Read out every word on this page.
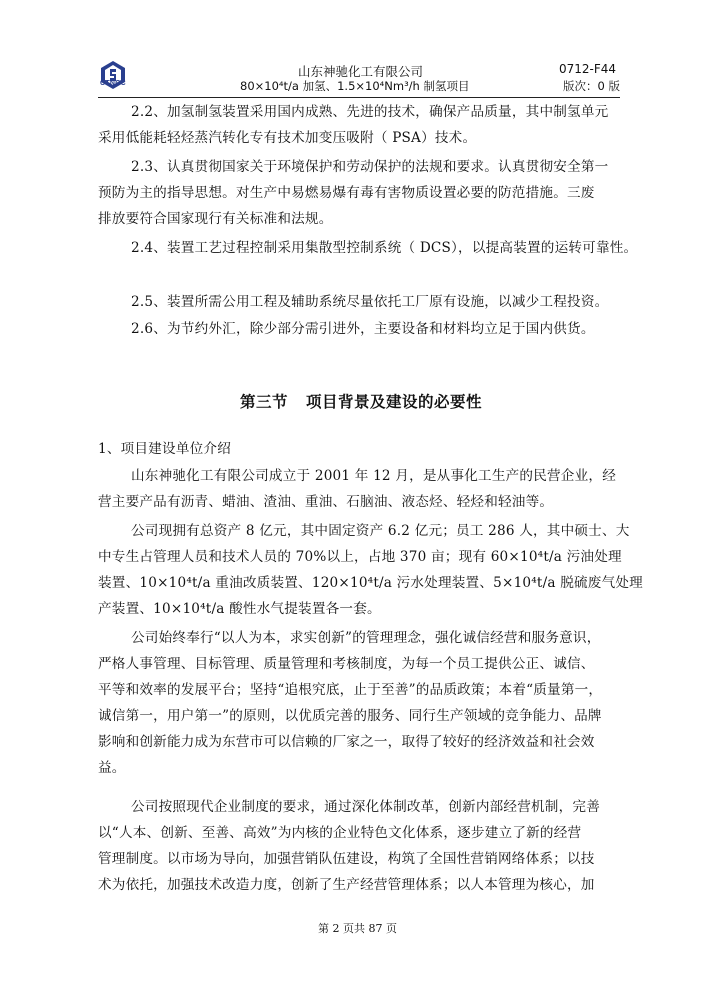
CTNCC
山东神驰化工有限公司
80×10⁴t/a 加氢、1.5×10⁴Nm³/h 制氢项目
0712-F44
版次：0 版
2.2、加氢制氢装置采用国内成熟、先进的技术，确保产品质量，其中制氢单元
采用低能耗轻烃蒸汽转化专有技术加变压吸附（ PSA）技术。
2.3、认真贯彻国家关于环境保护和劳动保护的法规和要求。认真贯彻安全第一
预防为主的指导思想。对生产中易燃易爆有毒有害物质设置必要的防范措施。三废
排放要符合国家现行有关标准和法规。
2.4、装置工艺过程控制采用集散型控制系统（ DCS），以提高装置的运转可靠性。
2.5、装置所需公用工程及辅助系统尽量依托工厂原有设施，以减少工程投资。
2.6、为节约外汇，除少部分需引进外，主要设备和材料均立足于国内供货。
第三节 项目背景及建设的必要性
1、项目建设单位介绍
山东神驰化工有限公司成立于 2001 年 12 月，是从事化工生产的民营企业，经
营主要产品有沥青、蜡油、渣油、重油、石脑油、液态烃、轻烃和轻油等。
公司现拥有总资产 8 亿元，其中固定资产 6.2 亿元；员工 286 人，其中硕士、大
中专生占管理人员和技术人员的 70%以上，占地 370 亩；现有 60×10⁴t/a 污油处理
装置、10×10⁴t/a 重油改质装置、120×10⁴t/a 污水处理装置、5×10⁴t/a 脱硫废气处理
产装置、10×10⁴t/a 酸性水气提装置各一套。
公司始终奉行“以人为本，求实创新”的管理理念，强化诚信经营和服务意识，
严格人事管理、目标管理、质量管理和考核制度，为每一个员工提供公正、诚信、
平等和效率的发展平台；坚持“追根究底，止于至善”的品质政策；本着“质量第一，
诚信第一，用户第一”的原则，以优质完善的服务、同行生产领域的竞争能力、品牌
影响和创新能力成为东营市可以信赖的厂家之一，取得了较好的经济效益和社会效
益。
公司按照现代企业制度的要求，通过深化体制改革，创新内部经营机制，完善
以“人本、创新、至善、高效”为内核的企业特色文化体系，逐步建立了新的经营
管理制度。以市场为导向，加强营销队伍建设，构筑了全国性营销网络体系；以技
术为依托，加强技术改造力度，创新了生产经营管理体系；以人本管理为核心，加
第 2 页共 87 页
